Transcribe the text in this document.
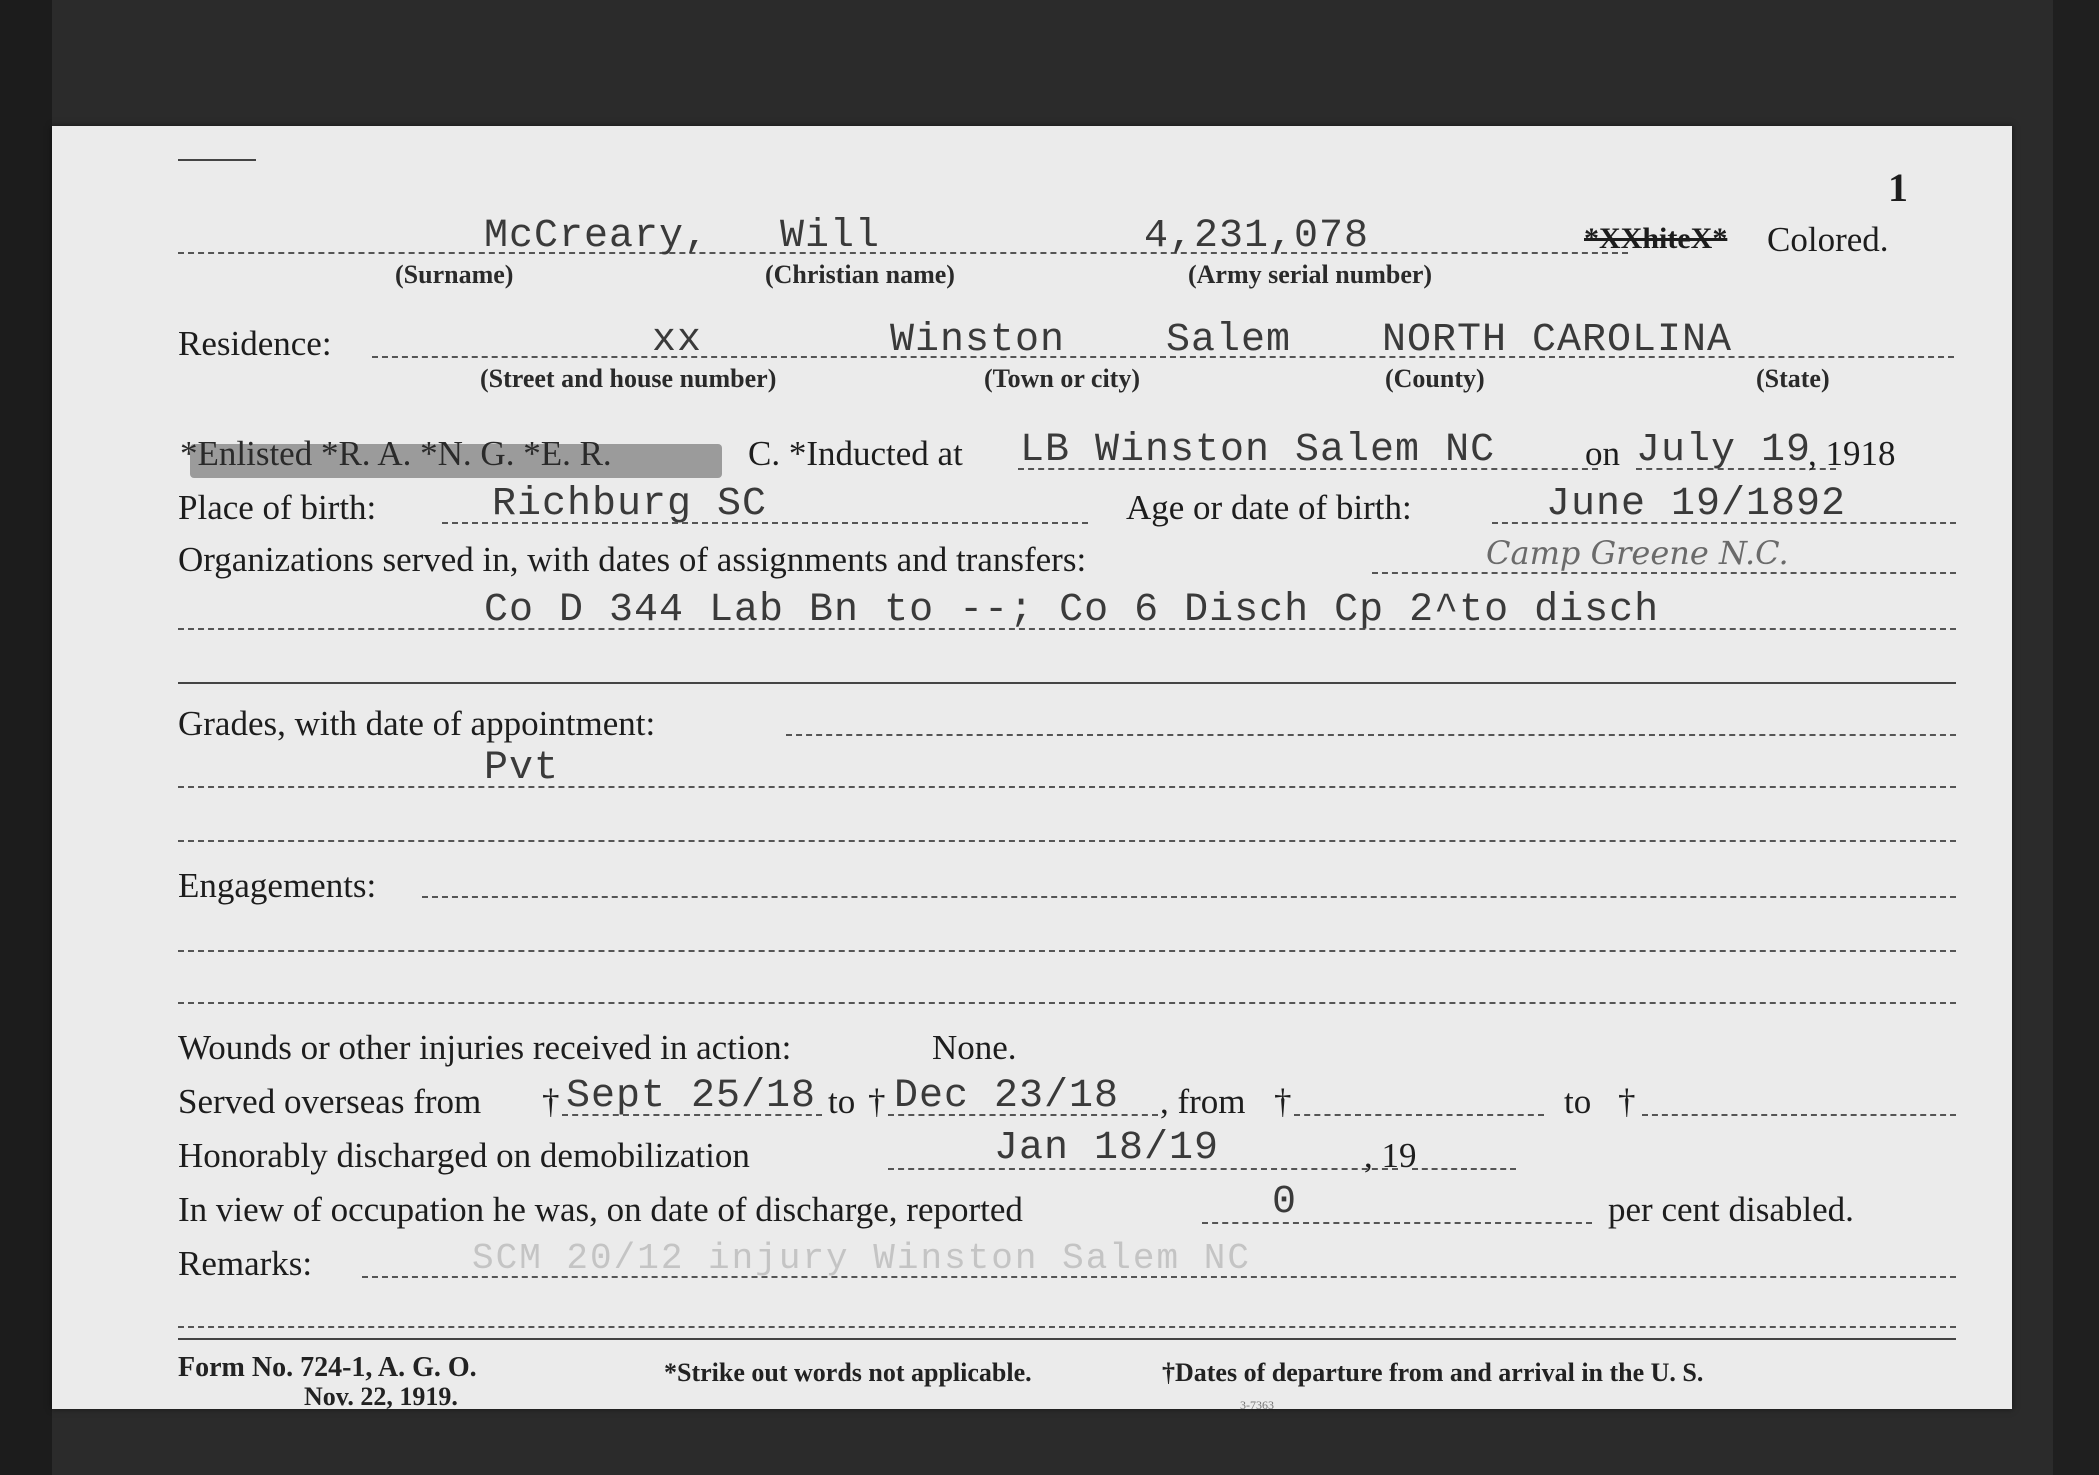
1
McCreary, Will	4,231,078	*XXhiteX* Colored.
(Surname)	(Christian name)	(Army serial number)
Residence:	xx	Winston	Salem NORTH CAROLINA
(Street and house number)	(Town or city)	(County)	(State)
*Enlisted *R. A. *N. G. *E. R.	C. *Inducted at LB Winston Salem NC	on July 19
, 1918
Place of birth:	Richburg SC	Age or date of birth:	June 19/1892
Organizations served in, with dates of assignments and transfers:	Camp Greene N.C.
Co D 344 Lab Bn to --; Co 6 Disch Cp 2^to disch
Grades, with date of appointment:
Pvt
Engagements:
Wounds or other injuries received in action:	None.
Served overseas from † Sept 25/18 to † Dec 23/18 , from †	to †
Honorably discharged on demobilization	Jan 18/19	, 19
In view of occupation he was, on date of discharge, reported	0	per cent disabled.
Remarks:	SCM 20/12 injury Winston Salem NC
Form No. 724-1, A. G. O.
Nov. 22, 1919.
*Strike out words not applicable.	†Dates of departure from and arrival in the U. S.
3-7363
